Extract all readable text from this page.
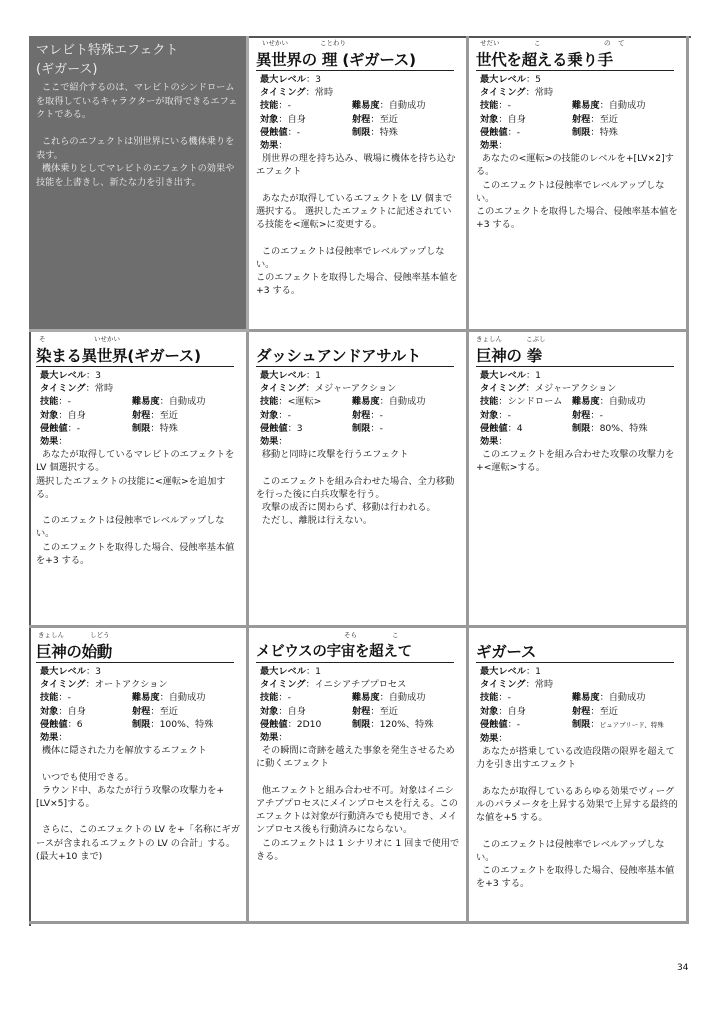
マレビト特殊エフェクト
(ギガース)
ここで紹介するのは、マレビトのシンドロームを取得しているキャラクターが取得できるエフェクトである。

これらのエフェクトは別世界にいる機体乗りを表す。
機体乗りとしてマレビトのエフェクトの効果や技能を上書きし、新たな力を引き出す。
いせかい	ことわり
異世界の 理 (ギガース)
最大レベル：3
タイミング：常時
技能：-	難易度：自動成功
対象：自身	射程：至近
侵蝕値：-	制限：特殊
効果 ：
別世界の理を持ち込み、戦場に機体を持ち込むエフェクト

あなたが取得しているエフェクトを LV 個まで選択する。 選択したエフェクトに記述されている技能を<運転>に変更する。

このエフェクトは侵蝕率でレベルアップしない。
このエフェクトを取得した場合、侵蝕率基本値を+3 する。
せだい	こ	の て
世代を超える乗り手
最大レベル：5
タイミング：常時
技能：-	難易度：自動成功
対象：自身	射程：至近
侵蝕値：-	制限：特殊
効果 ：
あなたの<運転>の技能のレベルを+[LV×2]する。
このエフェクトは侵蝕率でレベルアップしない。
このエフェクトを取得した場合、侵蝕率基本値を+3 する。
そ	いせかい
染まる異世界(ギガース)
最大レベル：3
タイミング：常時
技能：-	難易度：自動成功
対象：自身	射程：至近
侵蝕値：-	制限：特殊
効果 ：
あなたが取得しているマレビトのエフェクトを LV 個選択する。
選択したエフェクトの技能に<運転>を追加する。

このエフェクトは侵蝕率でレベルアップしない。
このエフェクトを取得した場合、侵蝕率基本値を+3 する。
ダッシュアンドアサルト
最大レベル：1
タイミング：メジャーアクション
技能：<運転>	難易度：自動成功
対象：-	射程：-
侵蝕値：3	制限：-
効果 ：
移動と同時に攻撃を行うエフェクト

このエフェクトを組み合わせた場合、全力移動を行った後に白兵攻撃を行う。
攻撃の成否に関わらず、移動は行われる。
ただし、離脱は行えない。
きょしん	こぶし
巨神の 拳
最大レベル：1
タイミング：メジャーアクション
技能：シンドローム	難易度：自動成功
対象：-	射程：-
侵蝕値：4	制限：80%、特殊
効果 ：
このエフェクトを組み合わせた攻撃の攻撃力を+<運転>する。
きょしん	しどう
巨神の始動
最大レベル：3
タイミング：オートアクション
技能：-	難易度：自動成功
対象：自身	射程：至近
侵蝕値：6	制限：100%、特殊
効果 ：
機体に隠された力を解放するエフェクト

いつでも使用できる。
ラウンド中、あなたが行う攻撃の攻撃力を+[LV×5]する。

さらに、このエフェクトの LV を+「名称にギガースが含まれるエフェクトの LV の合計」する。(最大+10 まで)
そら	こ
メビウスの宇宙を超えて
最大レベル：1
タイミング：イニシアチブプロセス
技能：-	難易度：自動成功
対象：自身	射程：至近
侵蝕値：2D10	制限：120%、特殊
効果 ：
その瞬間に奇跡を越えた事象を発生させるために動くエフェクト

他エフェクトと組み合わせ不可。対象はイニシアチブプロセスにメインプロセスを行える。このエフェクトは対象が行動済みでも使用でき、メインプロセス後も行動済みにならない。
このエフェクトは 1 シナリオに 1 回まで使用できる。
ギガース
最大レベル：1
タイミング：常時
技能：-	難易度：自動成功
対象：自身	射程：至近
侵蝕値：-	制限：ピュアブリード、特殊
効果 ：
あなたが搭乗している改造段階の限界を超えて力を引き出すエフェクト

あなたが取得しているあらゆる効果でヴィーグルのパラメータを上昇する効果で上昇する最終的な値を+5 する。

このエフェクトは侵蝕率でレベルアップしない。
このエフェクトを取得した場合、侵蝕率基本値を+3 する。
34
